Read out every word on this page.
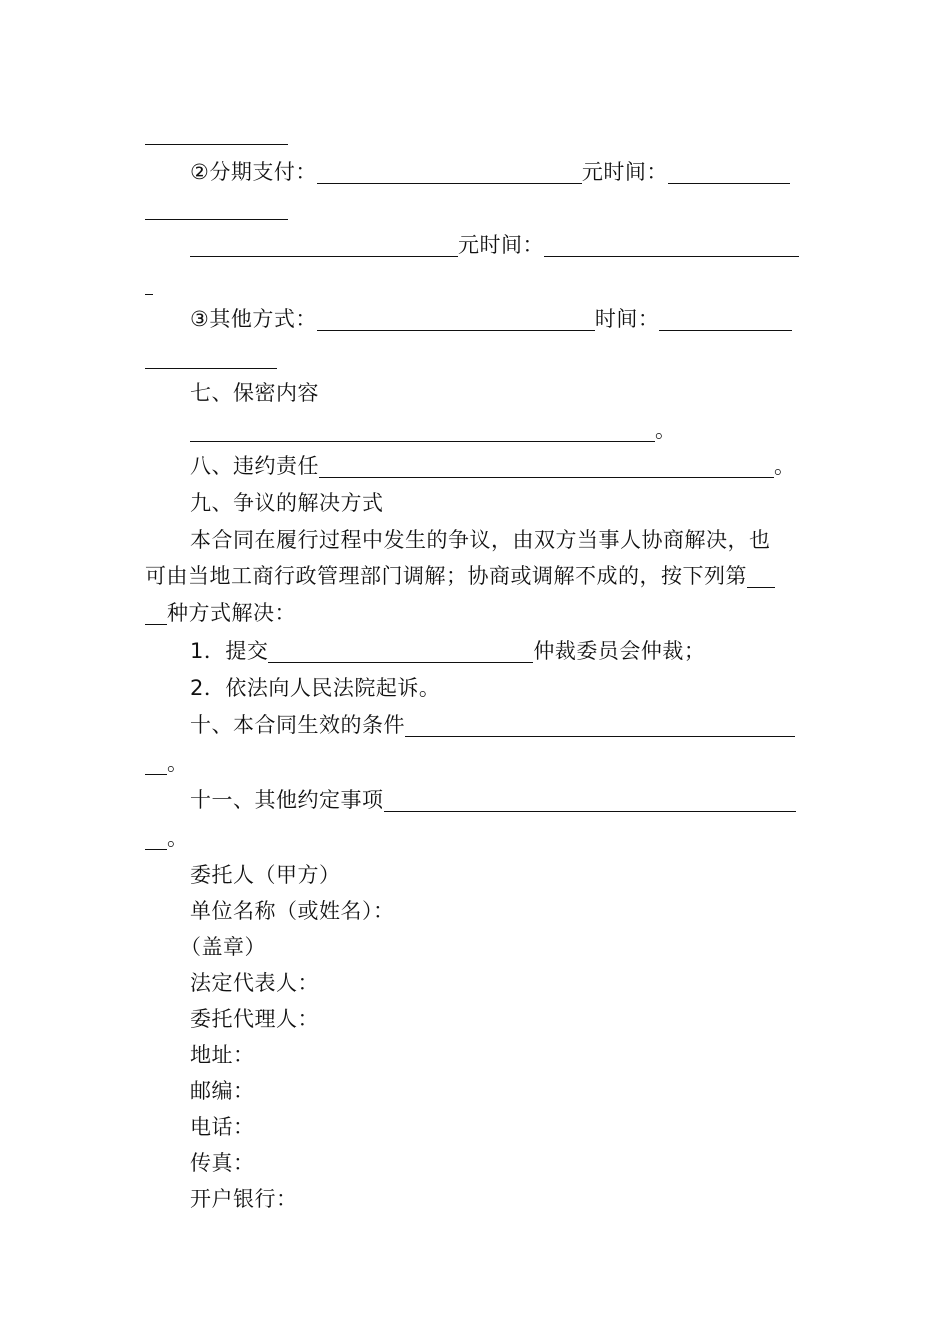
②分期支付：	元时间：
元时间：
③其他方式：	时间：
七、保密内容
。
八、违约责任	。
九、争议的解决方式
本合同在履行过程中发生的争议，由双方当事人协商解决，也
可由当地工商行政管理部门调解；协商或调解不成的，按下列第
种方式解决：
1．提交	仲裁委员会仲裁；
2．依法向人民法院起诉。
十、本合同生效的条件
。
十一、其他约定事项
。
委托人（甲方）
单位名称（或姓名）：
（盖章）
法定代表人：
委托代理人：
地址：
邮编：
电话：
传真：
开户银行：
